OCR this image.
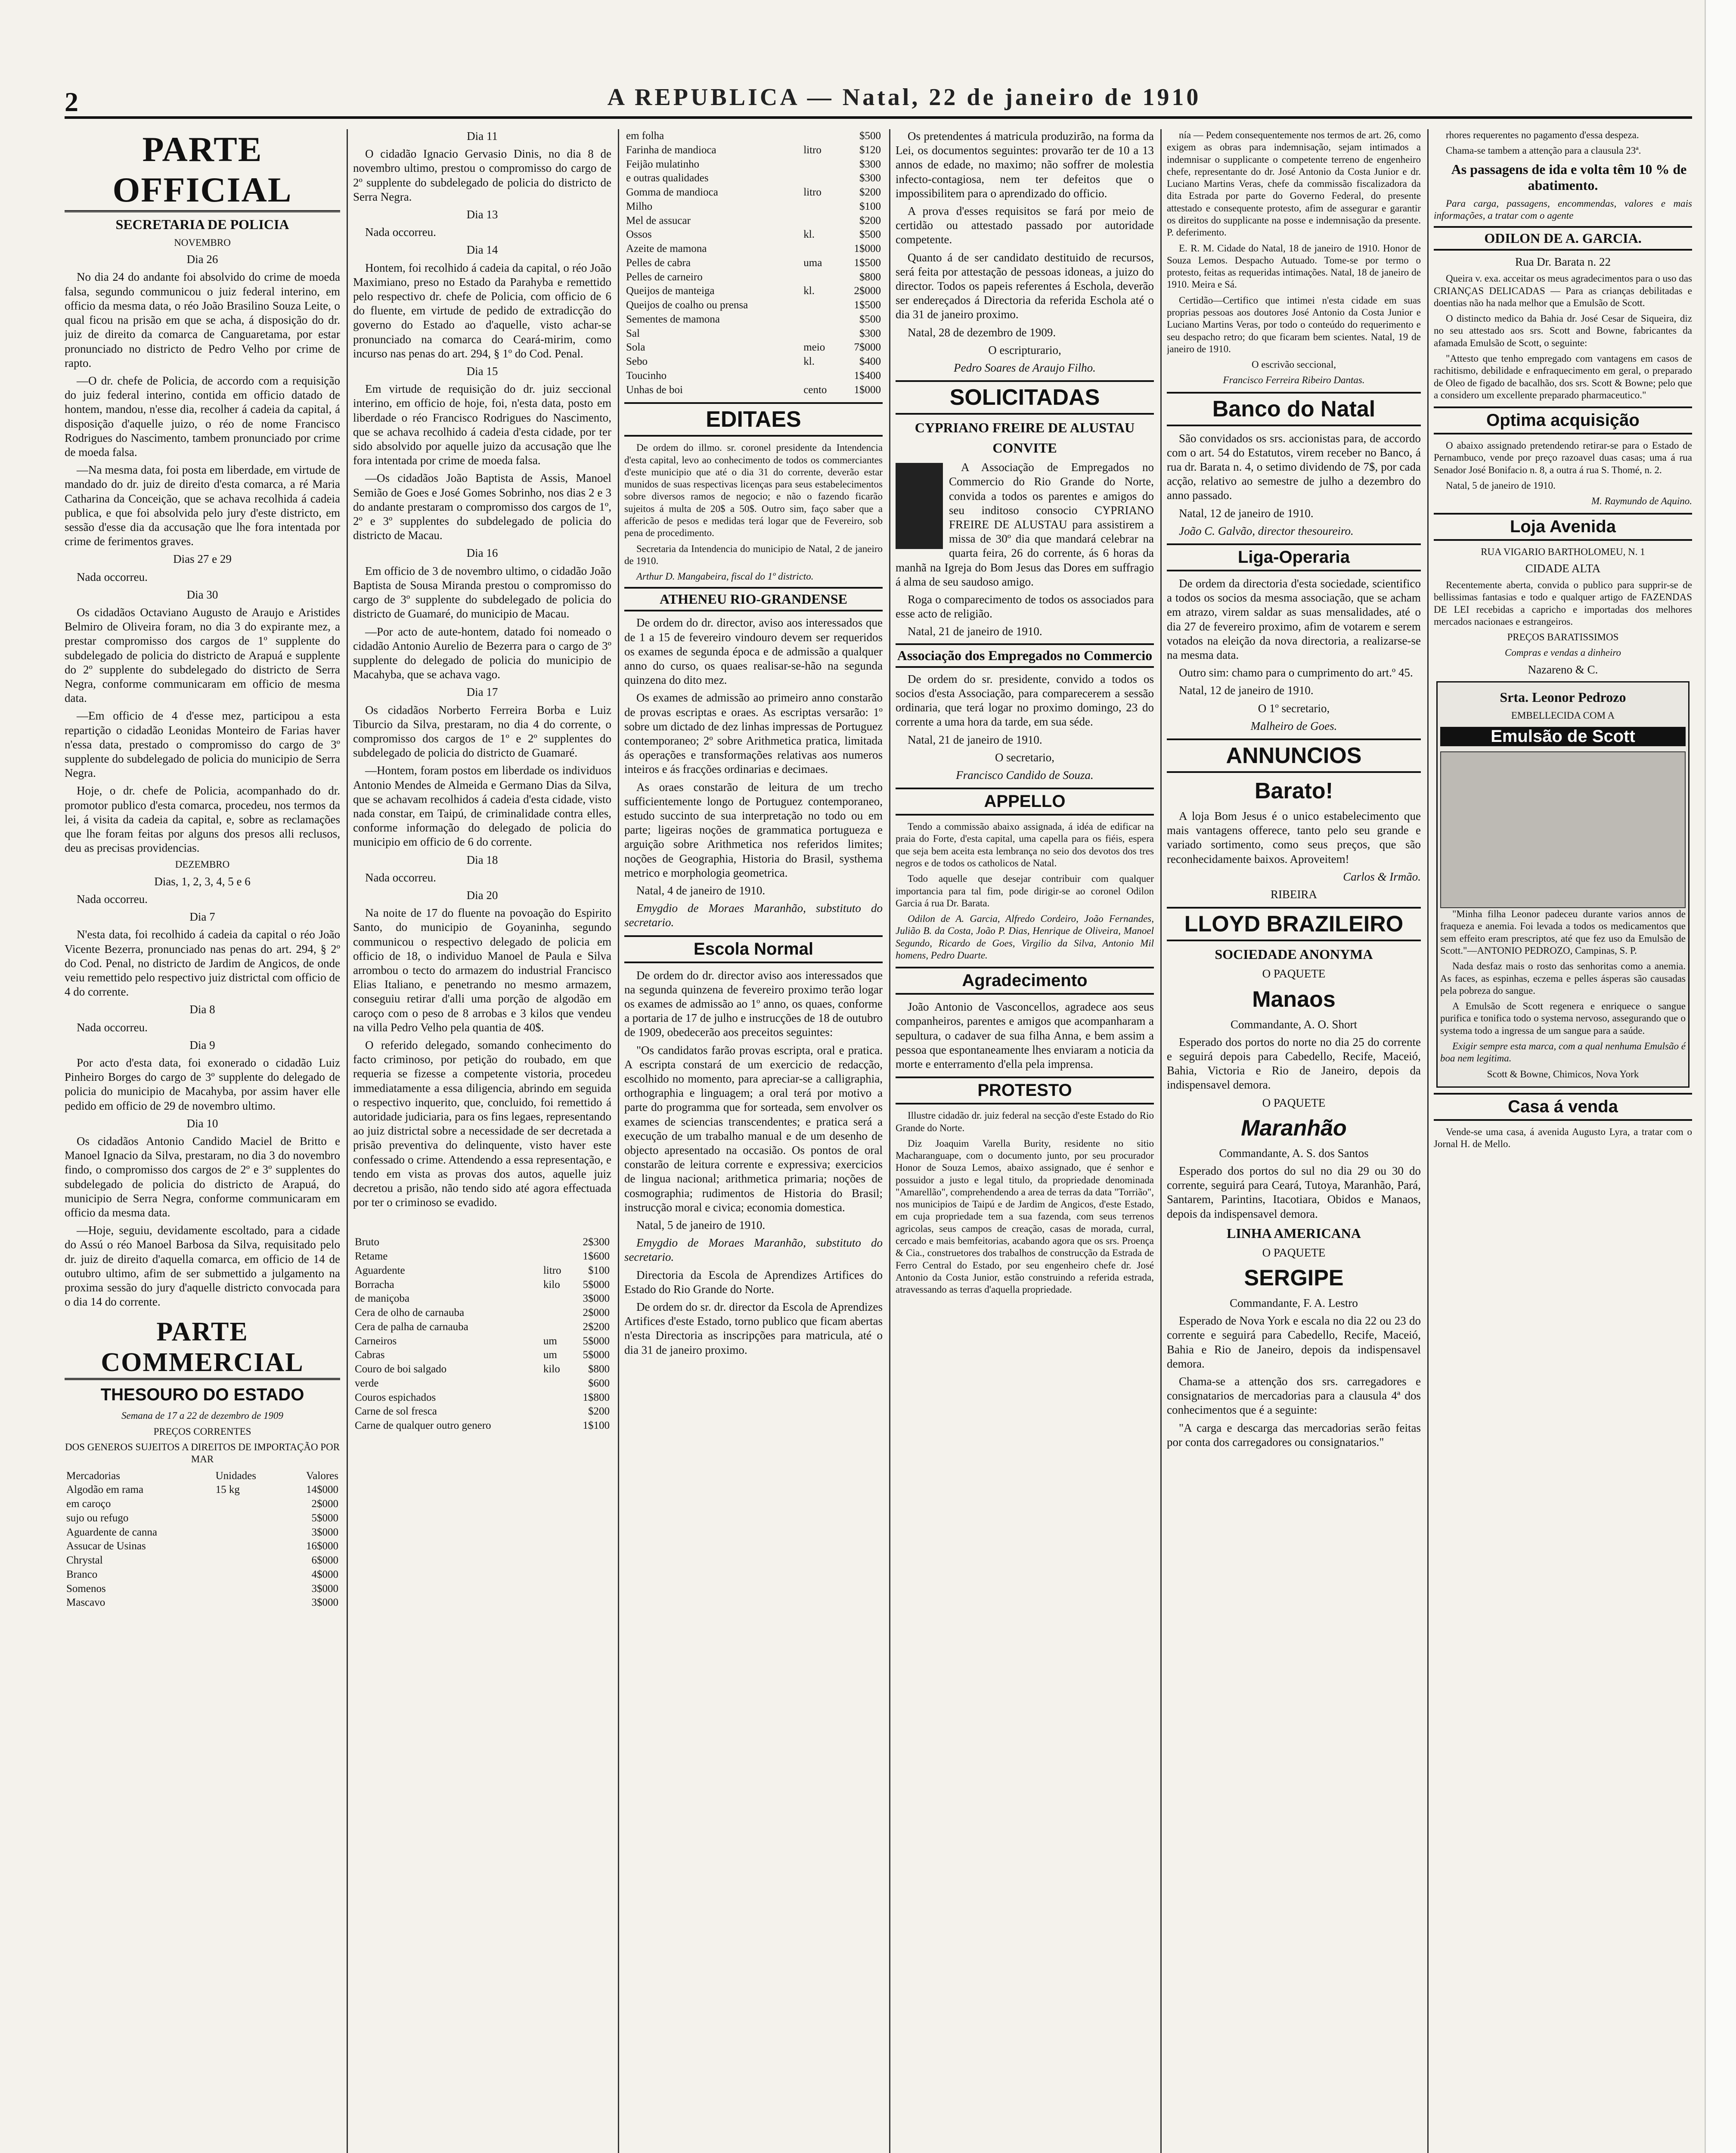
2	A REPUBLICA — Natal, 22 de janeiro de 1910
PARTE OFFICIAL
SECRETARIA DE POLICIA

NOVEMBRO

Dia 26

No dia 24 do andante foi absolvido do crime de moeda falsa, segundo communicou o juiz federal interino, em officio da mesma data, o réo João Brasilino Souza Leite, o qual ficou na prisão em que se acha, á disposição do dr. juiz de direito da comarca de Canguaretama, por estar pronunciado no districto de Pedro Velho por crime de rapto.

—O dr. chefe de Policia, de accordo com a requisição do juiz federal interino, contida em officio datado de hontem, mandou, n'esse dia, recolher á cadeia da capital, á disposição d'aquelle juizo, o réo de nome Francisco Rodrigues do Nascimento, tambem pronunciado por crime de moeda falsa.

—Na mesma data, foi posta em liberdade, em virtude de mandado do dr. juiz de direito d'esta comarca, a ré Maria Catharina da Conceição, que se achava recolhida á cadeia publica, e que foi absolvida pelo jury d'este districto, em sessão d'esse dia da accusação que lhe fora intentada por crime de ferimentos graves.

Dias 27 e 29

Nada occorreu.

Dia 30

Os cidadãos Octaviano Augusto de Araujo e Aristides Belmiro de Oliveira foram, no dia 3 do expirante mez, a prestar compromisso dos cargos de 1º supplente do subdelegado de policia do districto de Arapuá e supplente do 2º supplente do subdelegado do districto de Serra Negra, conforme communicaram em officio de mesma data.

—Em officio de 4 d'esse mez, participou a esta repartição o cidadão Leonidas Monteiro de Farias haver n'essa data, prestado o compromisso do cargo de 3º supplente do subdelegado de policia do municipio de Serra Negra.

Hoje, o dr. chefe de Policia, acompanhado do dr. promotor publico d'esta comarca, procedeu, nos termos da lei, á visita da cadeia da capital, e, sobre as reclamações que lhe foram feitas por alguns dos presos alli reclusos, deu as precisas providencias.

DEZEMBRO

Dias, 1, 2, 3, 4, 5 e 6

Nada occorreu.

Dia 7

N'esta data, foi recolhido á cadeia da capital o réo João Vicente Bezerra, pronunciado nas penas do art. 294, § 2º do Cod. Penal, no districto de Jardim de Angicos, de onde veiu remettido pelo respectivo juiz districtal com officio de 4 do corrente.

Dia 8

Nada occorreu.

Dia 9

Por acto d'esta data, foi exonerado o cidadão Luiz Pinheiro Borges do cargo de 3º supplente do delegado de policia do municipio de Macahyba, por assim haver elle pedido em officio de 29 de novembro ultimo.

Dia 10

Os cidadãos Antonio Candido Maciel de Britto e Manoel Ignacio da Silva, prestaram, no dia 3 do novembro findo, o compromisso dos cargos de 2º e 3º supplentes do subdelegado de policia do districto de Arapuá, do municipio de Serra Negra, conforme communicaram em officio da mesma data.

—Hoje, seguiu, devidamente escoltado, para a cidade do Assú o réo Manoel Barbosa da Silva, requisitado pelo dr. juiz de direito d'aquella comarca, em officio de 14 de outubro ultimo, afim de ser submettido a julgamento na proxima sessão do jury d'aquelle districto convocada para o dia 14 do corrente.

PARTE COMMERCIAL
THESOURO DO ESTADO

Semana de 17 a 22 de dezembro de 1909

PREÇOS CORRENTES

DOS GENEROS SUJEITOS A DIREITOS DE IMPORTAÇÃO POR MAR

Mercadorias	Unidades	Valores
Algodão em rama	15 kg	14$000
em caroço		2$000
sujo ou refugo		5$000
Aguardente de canna		3$000
Assucar de Usinas		16$000
Chrystal		6$000
Branco		4$000
Somenos		3$000
Mascavo		3$000

Dia 11

O cidadão Ignacio Gervasio Dinis, no dia 8 de novembro ultimo, prestou o compromisso do cargo de 2º supplente do subdelegado de policia do districto de Serra Negra.

Dia 13

Nada occorreu.

Dia 14

Hontem, foi recolhido á cadeia da capital, o réo João Maximiano, preso no Estado da Parahyba e remettido pelo respectivo dr. chefe de Policia, com officio de 6 do fluente, em virtude de pedido de extradicção do governo do Estado ao d'aquelle, visto achar-se pronunciado na comarca do Ceará-mirim, como incurso nas penas do art. 294, § 1º do Cod. Penal.

Dia 15

Em virtude de requisição do dr. juiz seccional interino, em officio de hoje, foi, n'esta data, posto em liberdade o réo Francisco Rodrigues do Nascimento, que se achava recolhido á cadeia d'esta cidade, por ter sido absolvido por aquelle juizo da accusação que lhe fora intentada por crime de moeda falsa.

—Os cidadãos João Baptista de Assis, Manoel Semião de Goes e José Gomes Sobrinho, nos dias 2 e 3 do andante prestaram o compromisso dos cargos de 1º, 2º e 3º supplentes do subdelegado de policia do districto de Macau.

Dia 16

Em officio de 3 de novembro ultimo, o cidadão João Baptista de Sousa Miranda prestou o compromisso do cargo de 3º supplente do subdelegado de policia do districto de Guamaré, do municipio de Macau.

—Por acto de aute-hontem, datado foi nomeado o cidadão Antonio Aurelio de Bezerra para o cargo de 3º supplente do delegado de policia do municipio de Macahyba, que se achava vago.

Dia 17

Os cidadãos Norberto Ferreira Borba e Luiz Tiburcio da Silva, prestaram, no dia 4 do corrente, o compromisso dos cargos de 1º e 2º supplentes do subdelegado de policia do districto de Guamaré.

—Hontem, foram postos em liberdade os individuos Antonio Mendes de Almeida e Germano Dias da Silva, que se achavam recolhidos á cadeia d'esta cidade, visto nada constar, em Taipú, de criminalidade contra elles, conforme informação do delegado de policia do municipio em officio de 6 do corrente.

Dia 18

Nada occorreu.

Dia 20

Na noite de 17 do fluente na povoação do Espirito Santo, do municipio de Goyaninha, segundo communicou o respectivo delegado de policia em officio de 18, o individuo Manoel de Paula e Silva arrombou o tecto do armazem do industrial Francisco Elias Italiano, e penetrando no mesmo armazem, conseguiu retirar d'alli uma porção de algodão em caroço com o peso de 8 arrobas e 3 kilos que vendeu na villa Pedro Velho pela quantia de 40$.

O referido delegado, somando conhecimento do facto criminoso, por petição do roubado, em que requeria se fizesse a competente vistoria, procedeu immediatamente a essa diligencia, abrindo em seguida o respectivo inquerito, que, concluido, foi remettido á autoridade judiciaria, para os fins legaes, representando ao juiz districtal sobre a necessidade de ser decretada a prisão preventiva do delinquente, visto haver este confessado o crime. Attendendo a essa representação, e tendo em vista as provas dos autos, aquelle juiz decretou a prisão, não tendo sido até agora effectuada por ter o criminoso se evadido.

Bruto		2$300
Retame		1$600
Aguardente	litro	$100
Borracha	kilo	5$000
de maniçoba		3$000
Cera de olho de carnauba		2$000
Cera de palha de carnauba		2$200
Carneiros	um	5$000
Cabras	um	5$000
Couro de boi salgado	kilo	$800
verde		$600
Couros espichados		1$800
Carne de sol fresca		$200
Carne de qualquer outro genero		1$100
em folha		$500
Farinha de mandioca	litro	$120
Feijão mulatinho		$300
e outras qualidades		$300
Gomma de mandioca	litro	$200
Milho		$100
Mel de assucar		$200
Ossos	kl.	$500
Azeite de mamona		1$000
Pelles de cabra	uma	1$500
Pelles de carneiro		$800
Queijos de manteiga	kl.	2$000
Queijos de coalho ou prensa		1$500
Sementes de mamona		$500
Sal		$300
Sola	meio	7$000
Sebo	kl.	$400
Toucinho		1$400
Unhas de boi	cento	1$000
EDITAES

De ordem do illmo. sr. coronel presidente da Intendencia d'esta capital, levo ao conhecimento de todos os commerciantes d'este municipio que até o dia 31 do corrente, deverão estar munidos de suas respectivas licenças para seus estabelecimentos sobre diversos ramos de negocio; e não o fazendo ficarão sujeitos á multa de 20$ a 50$. Outro sim, faço saber que a affericão de pesos e medidas terá logar que de Fevereiro, sob pena de procedimento.

Secretaria da Intendencia do municipio de Natal, 2 de janeiro de 1910.

Arthur D. Mangabeira, fiscal do 1º districto.

ATHENEU RIO-GRANDENSE

De ordem do dr. director, aviso aos interessados que de 1 a 15 de fevereiro vindouro devem ser requeridos os exames de segunda época e de admissão a qualquer anno do curso, os quaes realisar-se-hão na segunda quinzena do dito mez.

Os exames de admissão ao primeiro anno constarão de provas escriptas e oraes. As escriptas versarão: 1º sobre um dictado de dez linhas impressas de Portuguez contemporaneo; 2º sobre Arithmetica pratica, limitada ás operações e transformações relativas aos numeros inteiros e ás fracções ordinarias e decimaes.

As oraes constarão de leitura de um trecho sufficientemente longo de Portuguez contemporaneo, estudo succinto de sua interpretação no todo ou em parte; ligeiras noções de grammatica portugueza e arguição sobre Arithmetica nos referidos limites; noções de Geographia, Historia do Brasil, systhema metrico e morphologia geometrica.

Natal, 4 de janeiro de 1910.

Emygdio de Moraes Maranhão, substituto do secretario.

Escola Normal

De ordem do dr. director aviso aos interessados que na segunda quinzena de fevereiro proximo terão logar os exames de admissão ao 1º anno, os quaes, conforme a portaria de 17 de julho e instrucções de 18 de outubro de 1909, obedecerão aos preceitos seguintes:

"Os candidatos farão provas escripta, oral e pratica. A escripta constará de um exercicio de redacção, escolhido no momento, para apreciar-se a calligraphia, orthographia e linguagem; a oral terá por motivo a parte do programma que for sorteada, sem envolver os exames de sciencias transcendentes; e pratica será a execução de um trabalho manual e de um desenho de objecto apresentado na occasião. Os pontos de oral constarão de leitura corrente e expressiva; exercicios de lingua nacional; arithmetica primaria; noções de cosmographia; rudimentos de Historia do Brasil; instrucção moral e civica; economia domestica.

Natal, 5 de janeiro de 1910.

Emygdio de Moraes Maranhão, substituto do secretario.

Directoria da Escola de Aprendizes Artifices do Estado do Rio Grande do Norte.

De ordem do sr. dr. director da Escola de Aprendizes Artifices d'este Estado, torno publico que ficam abertas n'esta Directoria as inscripções para matricula, até o dia 31 de janeiro proximo.

Os pretendentes á matricula produzirão, na forma da Lei, os documentos seguintes: provarão ter de 10 a 13 annos de edade, no maximo; não soffrer de molestia infecto-contagiosa, nem ter defeitos que o impossibilitem para o aprendizado do officio.

A prova d'esses requisitos se fará por meio de certidão ou attestado passado por autoridade competente.

Quanto á de ser candidato destituido de recursos, será feita por attestação de pessoas idoneas, a juizo do director. Todos os papeis referentes á Eschola, deverão ser endereçados á Directoria da referida Eschola até o dia 31 de janeiro proximo.

Natal, 28 de dezembro de 1909.

O escripturario,

Pedro Soares de Araujo Filho.

SOLICITADAS
CYPRIANO FREIRE DE ALUSTAU
CONVITE

A Associação de Empregados no Commercio do Rio Grande do Norte, convida a todos os parentes e amigos do seu inditoso consocio CYPRIANO FREIRE DE ALUSTAU para assistirem a missa de 30º dia que mandará celebrar na quarta feira, 26 do corrente, ás 6 horas da manhã na Igreja do Bom Jesus das Dores em suffragio á alma de seu saudoso amigo.

Roga o comparecimento de todos os associados para esse acto de religião.

Natal, 21 de janeiro de 1910.

Associação dos Empregados no Commercio

De ordem do sr. presidente, convido a todos os socios d'esta Associação, para comparecerem a sessão ordinaria, que terá logar no proximo domingo, 23 do corrente a uma hora da tarde, em sua séde.

Natal, 21 de janeiro de 1910.

O secretario,

Francisco Candido de Souza.

APPELLO

Tendo a commissão abaixo assignada, á idéa de edificar na praia do Forte, d'esta capital, uma capella para os fiéis, espera que seja bem aceita esta lembrança no seio dos devotos dos tres negros e de todos os catholicos de Natal.

Todo aquelle que desejar contribuir com qualquer importancia para tal fim, pode dirigir-se ao coronel Odilon Garcia á rua Dr. Barata.

Odilon de A. Garcia, Alfredo Cordeiro, João Fernandes, Julião B. da Costa, João P. Dias, Henrique de Oliveira, Manoel Segundo, Ricardo de Goes, Virgilio da Silva, Antonio Mil homens, Pedro Duarte.

Agradecimento

João Antonio de Vasconcellos, agradece aos seus companheiros, parentes e amigos que acompanharam a sepultura, o cadaver de sua filha Anna, e bem assim a pessoa que espontaneamente lhes enviaram a noticia da morte e enterramento d'ella pela imprensa.

PROTESTO

Illustre cidadão dr. juiz federal na secção d'este Estado do Rio Grande do Norte.

Diz Joaquim Varella Burity, residente no sitio Macharanguape, com o documento junto, por seu procurador Honor de Souza Lemos, abaixo assignado, que é senhor e possuidor a justo e legal titulo, da propriedade denominada "Amarellão", comprehendendo a area de terras da data "Torrião", nos municipios de Taipú e de Jardim de Angicos, d'este Estado, em cuja propriedade tem a sua fazenda, com seus terrenos agricolas, seus campos de creação, casas de morada, curral, cercado e mais bemfeitorias, acabando agora que os srs. Proença & Cia., construetores dos trabalhos de construcção da Estrada de Ferro Central do Estado, por seu engenheiro chefe dr. José Antonio da Costa Junior, estão construindo a referida estrada, atravessando as terras d'aquella propriedade.

nía — Pedem consequentemente nos termos de art. 26, como exigem as obras para indemnisação, sejam intimados a indemnisar o supplicante o competente terreno de engenheiro chefe, representante do dr. José Antonio da Costa Junior e dr. Luciano Martins Veras, chefe da commissão fiscalizadora da dita Estrada por parte do Governo Federal, do presente attestado e consequente protesto, afim de assegurar e garantir os direitos do supplicante na posse e indemnisação da presente. P. deferimento.

E. R. M. Cidade do Natal, 18 de janeiro de 1910. Honor de Souza Lemos. Despacho Autuado. Tome-se por termo o protesto, feitas as requeridas intimações. Natal, 18 de janeiro de 1910. Meira e Sá.

Certidão—Certifico que intimei n'esta cidade em suas proprias pessoas aos doutores José Antonio da Costa Junior e Luciano Martins Veras, por todo o conteúdo do requerimento e seu despacho retro; do que ficaram bem scientes. Natal, 19 de janeiro de 1910.

O escrivão seccional,

Francisco Ferreira Ribeiro Dantas.

Banco do Natal

São convidados os srs. accionistas para, de accordo com o art. 54 do Estatutos, virem receber no Banco, á rua dr. Barata n. 4, o setimo dividendo de 7$, por cada acção, relativo ao semestre de julho a dezembro do anno passado.

Natal, 12 de janeiro de 1910.

João C. Galvão, director thesoureiro.

Liga-Operaria

De ordem da directoria d'esta sociedade, scientifico a todos os socios da mesma associação, que se acham em atrazo, virem saldar as suas mensalidades, até o dia 27 de fevereiro proximo, afim de votarem e serem votados na eleição da nova directoria, a realizarse-se na mesma data.

Outro sim: chamo para o cumprimento do art.º 45.

Natal, 12 de janeiro de 1910.

O 1º secretario,

Malheiro de Goes.

ANNUNCIOS
Barato!

A loja Bom Jesus é o unico estabelecimento que mais vantagens offerece, tanto pelo seu grande e variado sortimento, como seus preços, que são reconhecidamente baixos. Aproveitem!

Carlos & Irmão.

RIBEIRA

LLOYD BRAZILEIRO
SOCIEDADE ANONYMA

O PAQUETE

Manaos

Commandante, A. O. Short

Esperado dos portos do norte no dia 25 do corrente e seguirá depois para Cabedello, Recife, Maceió, Bahia, Victoria e Rio de Janeiro, depois da indispensavel demora.

O PAQUETE

Maranhão

Commandante, A. S. dos Santos

Esperado dos portos do sul no dia 29 ou 30 do corrente, seguirá para Ceará, Tutoya, Maranhão, Pará, Santarem, Parintins, Itacotiara, Obidos e Manaos, depois da indispensavel demora.

LINHA AMERICANA

O PAQUETE

SERGIPE

Commandante, F. A. Lestro

Esperado de Nova York e escala no dia 22 ou 23 do corrente e seguirá para Cabedello, Recife, Maceió, Bahia e Rio de Janeiro, depois da indispensavel demora.

Chama-se a attenção dos srs. carregadores e consignatarios de mercadorias para a clausula 4ª dos conhecimentos que é a seguinte:

"A carga e descarga das mercadorias serão feitas por conta dos carregadores ou consignatarios."

rhores requerentes no pagamento d'essa despeza.

Chama-se tambem a attenção para a clausula 23ª.

As passagens de ida e volta têm 10 % de abatimento.

Para carga, passagens, encommendas, valores e mais informações, a tratar com o agente

ODILON DE A. GARCIA.

Rua Dr. Barata n. 22

Queira v. exa. acceitar os meus agradecimentos para o uso das CRIANÇAS DELICADAS — Para as crianças debilitadas e doentias não ha nada melhor que a Emulsão de Scott.

O distincto medico da Bahia dr. José Cesar de Siqueira, diz no seu attestado aos srs. Scott and Bowne, fabricantes da afamada Emulsão de Scott, o seguinte:

"Attesto que tenho empregado com vantagens em casos de rachitismo, debilidade e enfraquecimento em geral, o preparado de Oleo de figado de bacalhão, dos srs. Scott & Bowne; pelo que a considero um excellente preparado pharmaceutico."

Optima acquisição

O abaixo assignado pretendendo retirar-se para o Estado de Pernambuco, vende por preço razoavel duas casas; uma á rua Senador José Bonifacio n. 8, a outra á rua S. Thomé, n. 2.

Natal, 5 de janeiro de 1910.

M. Raymundo de Aquino.

Loja Avenida

RUA VIGARIO BARTHOLOMEU, N. 1

CIDADE ALTA

Recentemente aberta, convida o publico para supprir-se de bellissimas fantasias e todo e qualquer artigo de FAZENDAS DE LEI recebidas a capricho e importadas dos melhores mercados nacionaes e estrangeiros.

PREÇOS BARATISSIMOS

Compras e vendas a dinheiro

Nazareno & C.

Srta. Leonor Pedrozo

EMBELLECIDA COM A

Emulsão de Scott

"Minha filha Leonor padeceu durante varios annos de fraqueza e anemia. Foi levada a todos os medicamentos que sem effeito eram prescriptos, até que fez uso da Emulsão de Scott."—ANTONIO PEDROZO, Campinas, S. P.

Nada desfaz mais o rosto das senhoritas como a anemia. As faces, as espinhas, eczema e pelles ásperas são causadas pela pobreza do sangue.

A Emulsão de Scott regenera e enriquece o sangue purifica e tonifica todo o systema nervoso, assegurando que o systema todo a ingressa de um sangue para a saúde.

Exigir sempre esta marca, com a qual nenhuma Emulsão é boa nem legitima.

Scott & Bowne, Chimicos, Nova York

Casa á venda

Vende-se uma casa, á avenida Augusto Lyra, a tratar com o Jornal H. de Mello.
